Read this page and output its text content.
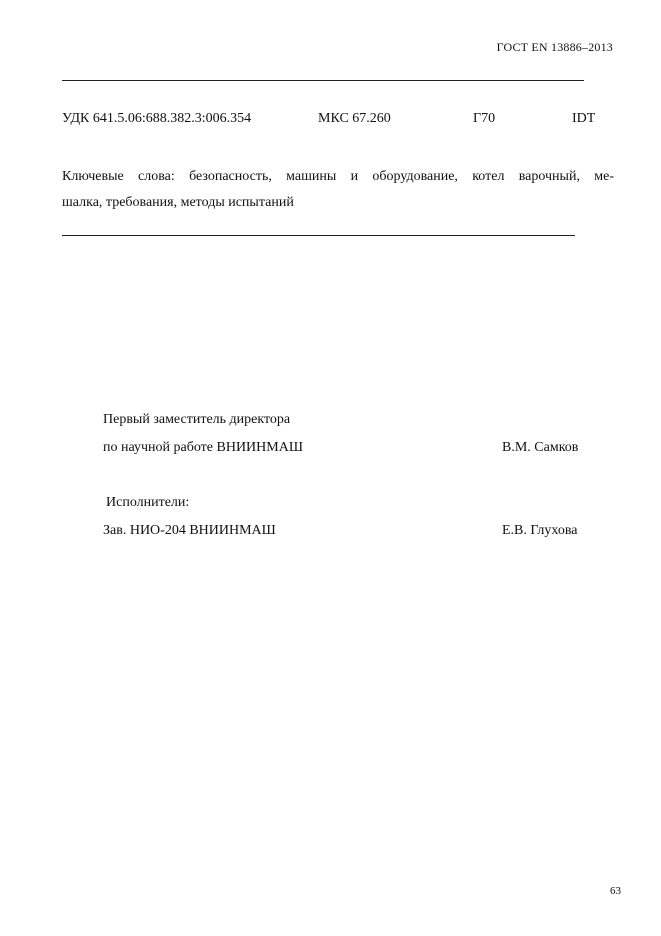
ГОСТ EN 13886–2013
УДК 641.5.06:688.382.3:006.354	МКС 67.260	Г70	IDT
Ключевые слова: безопасность, машины и оборудование, котел варочный, ме-
шалка, требования, методы испытаний
Первый заместитель директора
по научной работе ВНИИНМАШ	В.М. Самков
Исполнители:
Зав. НИО-204 ВНИИНМАШ	Е.В. Глухова
63
